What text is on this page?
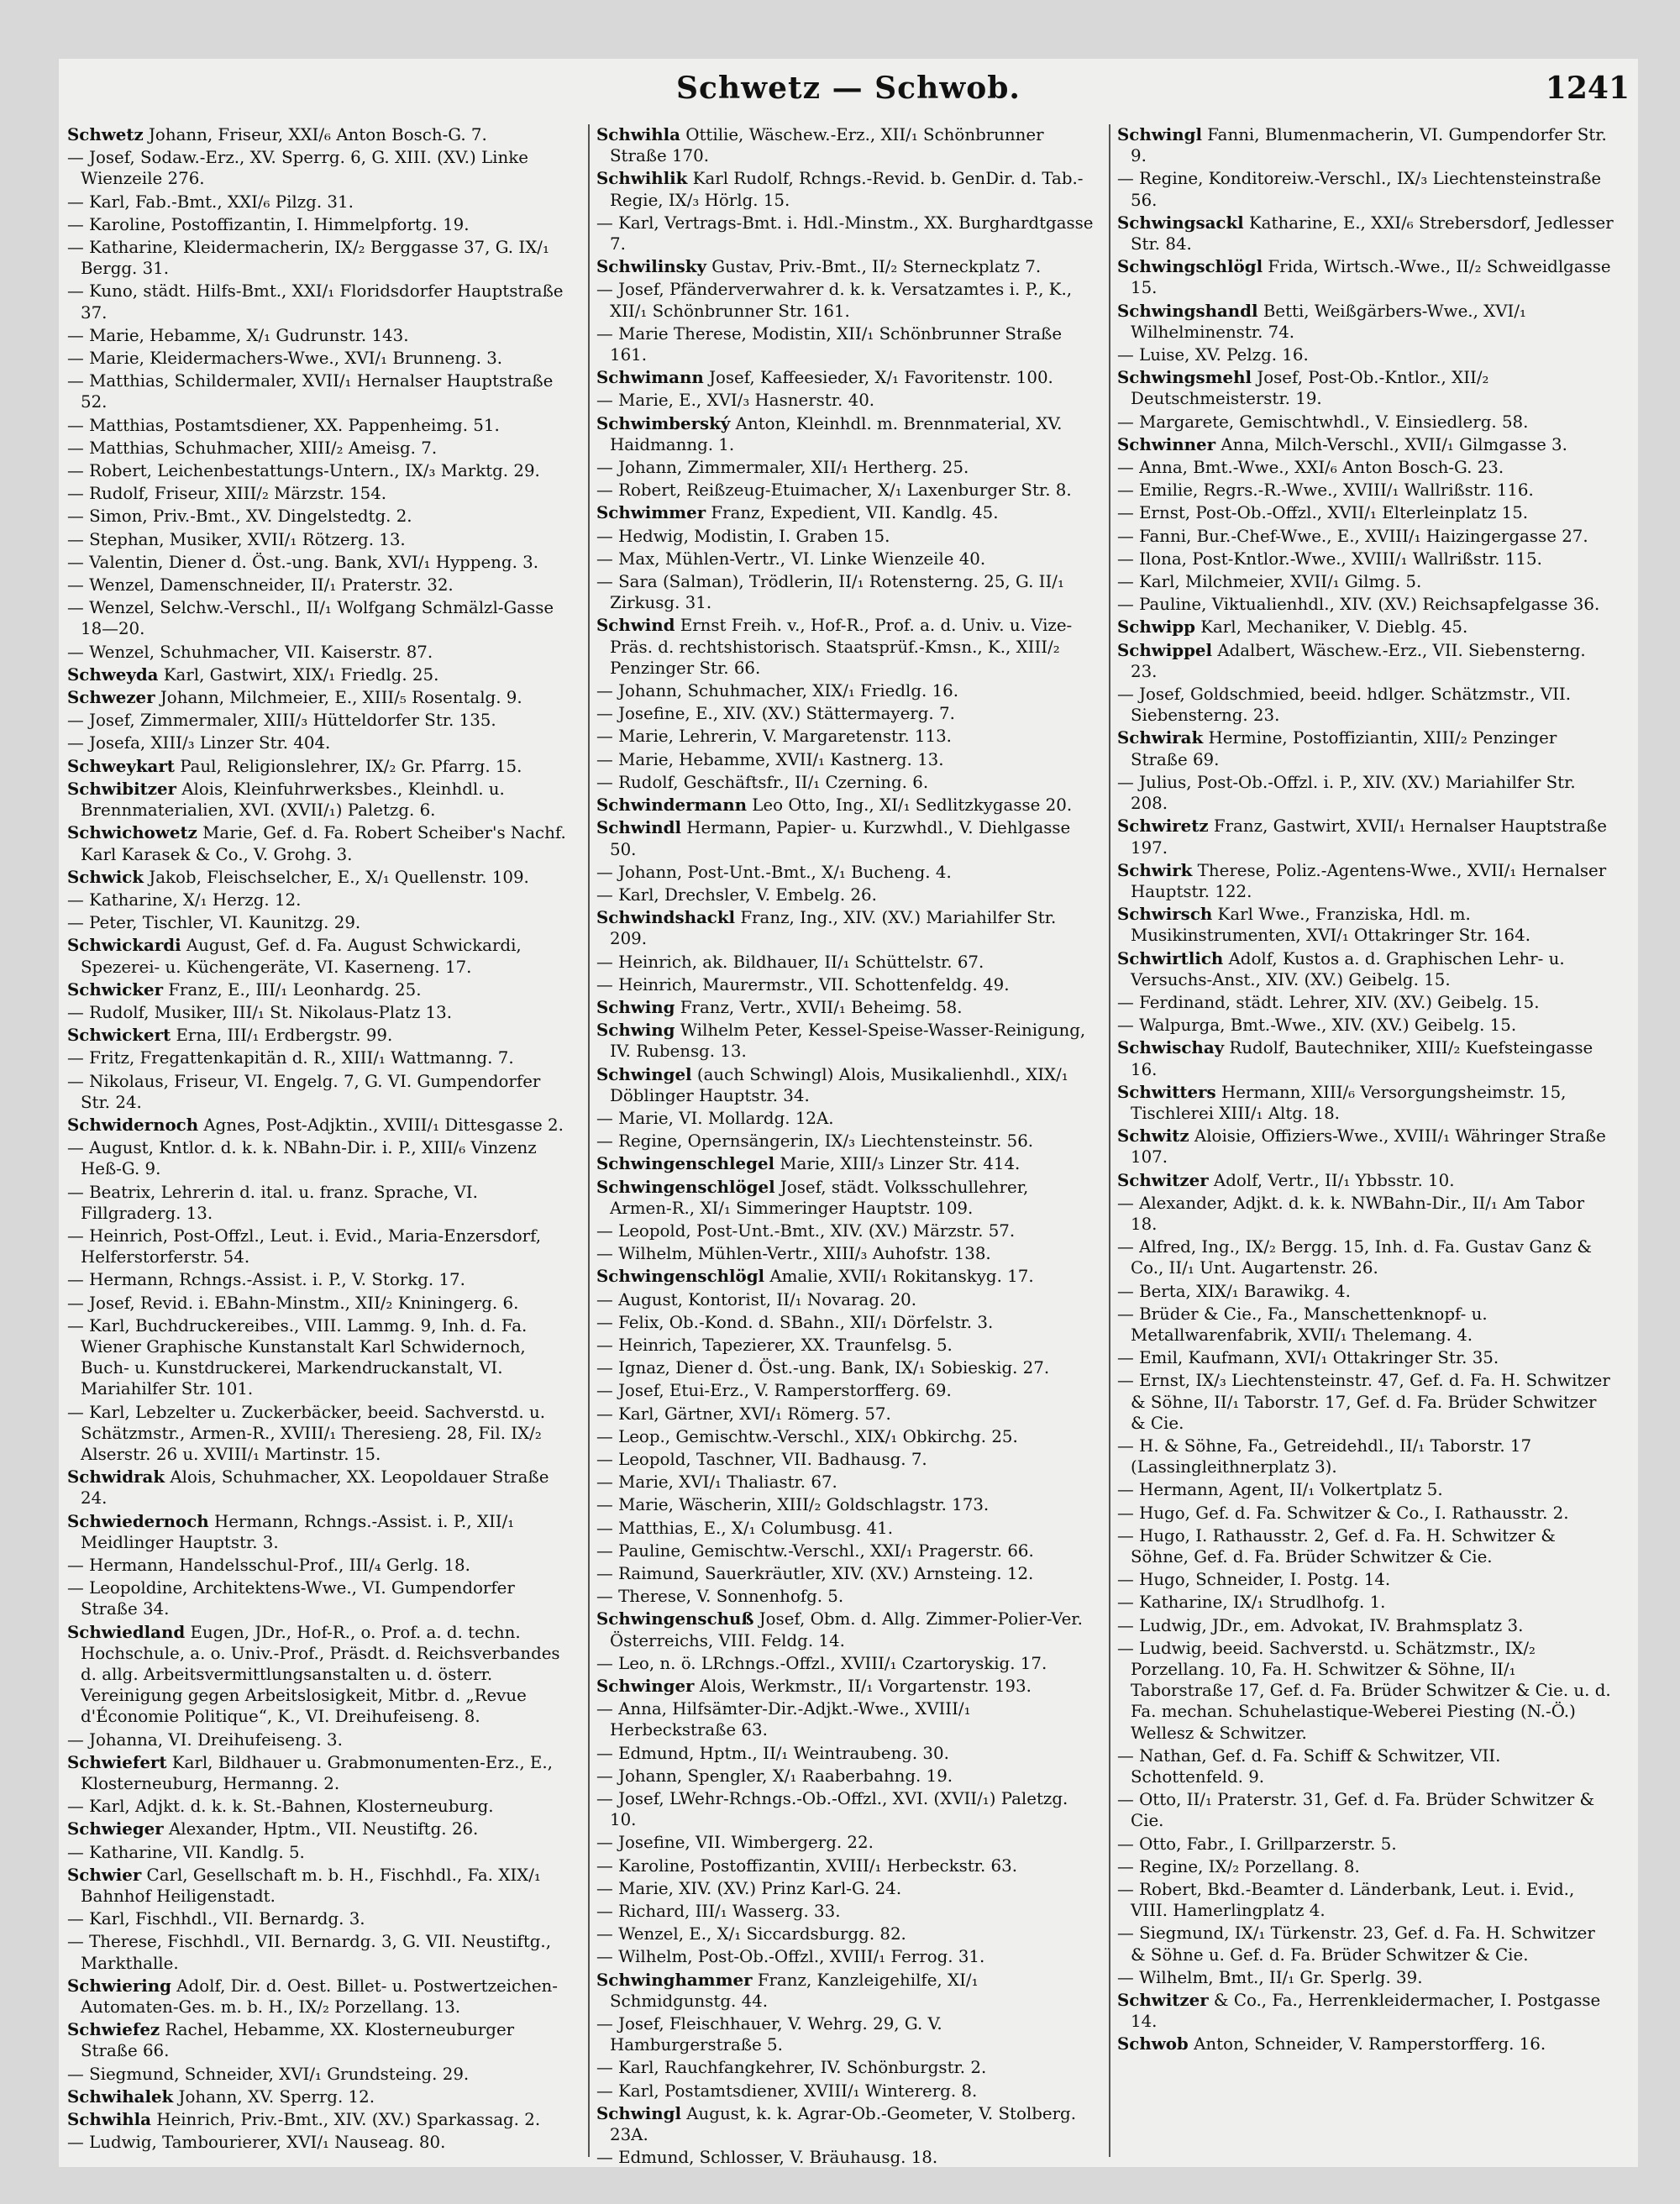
Schwetz — Schwob.	1241
Schwetz Johann, Friseur, XXI/₆ Anton Bosch-G. 7.
— Josef, Sodaw.-Erz., XV. Sperrg. 6, G. XIII. (XV.) Linke Wienzeile 276.
— Karl, Fab.-Bmt., XXI/₆ Pilzg. 31.
— Karoline, Postoffizantin, I. Himmelpfortg. 19.
— Katharine, Kleidermacherin, IX/₂ Berggasse 37, G. IX/₁ Bergg. 31.
— Kuno, städt. Hilfs-Bmt., XXI/₁ Floridsdorfer Hauptstraße 37.
— Marie, Hebamme, X/₁ Gudrunstr. 143.
— Marie, Kleidermachers-Wwe., XVI/₁ Brunneng. 3.
— Matthias, Schildermaler, XVII/₁ Hernalser Hauptstraße 52.
— Matthias, Postamtsdiener, XX. Pappenheimg. 51.
— Matthias, Schuhmacher, XIII/₂ Ameisg. 7.
— Robert, Leichenbestattungs-Untern., IX/₃ Marktg. 29.
— Rudolf, Friseur, XIII/₂ Märzstr. 154.
— Simon, Priv.-Bmt., XV. Dingelstedtg. 2.
— Stephan, Musiker, XVII/₁ Rötzerg. 13.
— Valentin, Diener d. Öst.-ung. Bank, XVI/₁ Hyppeng. 3.
— Wenzel, Damenschneider, II/₁ Praterstr. 32.
— Wenzel, Selchw.-Verschl., II/₁ Wolfgang Schmälzl-Gasse 18—20.
— Wenzel, Schuhmacher, VII. Kaiserstr. 87.
Schweyda Karl, Gastwirt, XIX/₁ Friedlg. 25.
Schwezer Johann, Milchmeier, E., XIII/₅ Rosentalg. 9.
— Josef, Zimmermaler, XIII/₃ Hütteldorfer Str. 135.
— Josefa, XIII/₃ Linzer Str. 404.
Schweykart Paul, Religionslehrer, IX/₂ Gr. Pfarrg. 15.
Schwibitzer Alois, Kleinfuhrwerksbes., Kleinhdl. u. Brennmaterialien, XVI. (XVII/₁) Paletzg. 6.
Schwichowetz Marie, Gef. d. Fa. Robert Scheiber's Nachf. Karl Karasek & Co., V. Grohg. 3.
Schwick Jakob, Fleischselcher, E., X/₁ Quellenstr. 109.
— Katharine, X/₁ Herzg. 12.
— Peter, Tischler, VI. Kaunitzg. 29.
Schwickardi August, Gef. d. Fa. August Schwickardi, Spezerei- u. Küchengeräte, VI. Kaserneng. 17.
Schwicker Franz, E., III/₁ Leonhardg. 25.
— Rudolf, Musiker, III/₁ St. Nikolaus-Platz 13.
Schwickert Erna, III/₁ Erdbergstr. 99.
— Fritz, Fregattenkapitän d. R., XIII/₁ Wattmanng. 7.
— Nikolaus, Friseur, VI. Engelg. 7, G. VI. Gumpendorfer Str. 24.
Schwidernoch Agnes, Post-Adjktin., XVIII/₁ Dittesgasse 2.
— August, Kntlor. d. k. k. NBahn-Dir. i. P., XIII/₆ Vinzenz Heß-G. 9.
— Beatrix, Lehrerin d. ital. u. franz. Sprache, VI. Fillgraderg. 13.
— Heinrich, Post-Offzl., Leut. i. Evid., Maria-Enzersdorf, Helferstorferstr. 54.
— Hermann, Rchngs.-Assist. i. P., V. Storkg. 17.
— Josef, Revid. i. EBahn-Minstm., XII/₂ Kniningerg. 6.
— Karl, Buchdruckereibes., VIII. Lammg. 9, Inh. d. Fa. Wiener Graphische Kunstanstalt Karl Schwidernoch, Buch- u. Kunstdruckerei, Markendruckanstalt, VI. Mariahilfer Str. 101.
— Karl, Lebzelter u. Zuckerbäcker, beeid. Sachverstd. u. Schätzmstr., Armen-R., XVIII/₁ Theresieng. 28, Fil. IX/₂ Alserstr. 26 u. XVIII/₁ Martinstr. 15.
Schwidrak Alois, Schuhmacher, XX. Leopoldauer Straße 24.
Schwiedernoch Hermann, Rchngs.-Assist. i. P., XII/₁ Meidlinger Hauptstr. 3.
— Hermann, Handelsschul-Prof., III/₄ Gerlg. 18.
— Leopoldine, Architektens-Wwe., VI. Gumpendorfer Straße 34.
Schwiedland Eugen, JDr., Hof-R., o. Prof. a. d. techn. Hochschule, a. o. Univ.-Prof., Präsdt. d. Reichsverbandes d. allg. Arbeitsvermittlungsanstalten u. d. österr. Vereinigung gegen Arbeitslosigkeit, Mitbr. d. „Revue d'Économie Politique“, K., VI. Dreihufeiseng. 8.
— Johanna, VI. Dreihufeiseng. 3.
Schwiefert Karl, Bildhauer u. Grabmonumenten-Erz., E., Klosterneuburg, Hermanng. 2.
— Karl, Adjkt. d. k. k. St.-Bahnen, Klosterneuburg.
Schwieger Alexander, Hptm., VII. Neustiftg. 26.
— Katharine, VII. Kandlg. 5.
Schwier Carl, Gesellschaft m. b. H., Fischhdl., Fa. XIX/₁ Bahnhof Heiligenstadt.
— Karl, Fischhdl., VII. Bernardg. 3.
— Therese, Fischhdl., VII. Bernardg. 3, G. VII. Neustiftg., Markthalle.
Schwiering Adolf, Dir. d. Oest. Billet- u. Postwertzeichen-Automaten-Ges. m. b. H., IX/₂ Porzellang. 13.
Schwiefez Rachel, Hebamme, XX. Klosterneuburger Straße 66.
— Siegmund, Schneider, XVI/₁ Grundsteing. 29.
Schwihalek Johann, XV. Sperrg. 12.
Schwihla Heinrich, Priv.-Bmt., XIV. (XV.) Sparkassag. 2.
— Ludwig, Tambourierer, XVI/₁ Nauseag. 80.
Schwihla Ottilie, Wäschew.-Erz., XII/₁ Schönbrunner Straße 170.
Schwihlik Karl Rudolf, Rchngs.-Revid. b. GenDir. d. Tab.-Regie, IX/₃ Hörlg. 15.
— Karl, Vertrags-Bmt. i. Hdl.-Minstm., XX. Burghardtgasse 7.
Schwilinsky Gustav, Priv.-Bmt., II/₂ Sterneckplatz 7.
— Josef, Pfänderverwahrer d. k. k. Versatzamtes i. P., K., XII/₁ Schönbrunner Str. 161.
— Marie Therese, Modistin, XII/₁ Schönbrunner Straße 161.
Schwimann Josef, Kaffeesieder, X/₁ Favoritenstr. 100.
— Marie, E., XVI/₃ Hasnerstr. 40.
Schwimberský Anton, Kleinhdl. m. Brennmaterial, XV. Haidmanng. 1.
— Johann, Zimmermaler, XII/₁ Hertherg. 25.
— Robert, Reißzeug-Etuimacher, X/₁ Laxenburger Str. 8.
Schwimmer Franz, Expedient, VII. Kandlg. 45.
— Hedwig, Modistin, I. Graben 15.
— Max, Mühlen-Vertr., VI. Linke Wienzeile 40.
— Sara (Salman), Trödlerin, II/₁ Rotensterng. 25, G. II/₁ Zirkusg. 31.
Schwind Ernst Freih. v., Hof-R., Prof. a. d. Univ. u. Vize-Präs. d. rechtshistorisch. Staatsprüf.-Kmsn., K., XIII/₂ Penzinger Str. 66.
— Johann, Schuhmacher, XIX/₁ Friedlg. 16.
— Josefine, E., XIV. (XV.) Stättermayerg. 7.
— Marie, Lehrerin, V. Margaretenstr. 113.
— Marie, Hebamme, XVII/₁ Kastnerg. 13.
— Rudolf, Geschäftsfr., II/₁ Czerning. 6.
Schwindermann Leo Otto, Ing., XI/₁ Sedlitzkygasse 20.
Schwindl Hermann, Papier- u. Kurzwhdl., V. Diehlgasse 50.
— Johann, Post-Unt.-Bmt., X/₁ Bucheng. 4.
— Karl, Drechsler, V. Embelg. 26.
Schwindshackl Franz, Ing., XIV. (XV.) Mariahilfer Str. 209.
— Heinrich, ak. Bildhauer, II/₁ Schüttelstr. 67.
— Heinrich, Maurermstr., VII. Schottenfeldg. 49.
Schwing Franz, Vertr., XVII/₁ Beheimg. 58.
Schwing Wilhelm Peter, Kessel-Speise-Wasser-Reinigung, IV. Rubensg. 13.
Schwingel (auch Schwingl) Alois, Musikalienhdl., XIX/₁ Döblinger Hauptstr. 34.
— Marie, VI. Mollardg. 12A.
— Regine, Opernsängerin, IX/₃ Liechtensteinstr. 56.
Schwingenschlegel Marie, XIII/₃ Linzer Str. 414.
Schwingenschlögel Josef, städt. Volksschullehrer, Armen-R., XI/₁ Simmeringer Hauptstr. 109.
— Leopold, Post-Unt.-Bmt., XIV. (XV.) Märzstr. 57.
— Wilhelm, Mühlen-Vertr., XIII/₃ Auhofstr. 138.
Schwingenschlögl Amalie, XVII/₁ Rokitanskyg. 17.
— August, Kontorist, II/₁ Novarag. 20.
— Felix, Ob.-Kond. d. SBahn., XII/₁ Dörfelstr. 3.
— Heinrich, Tapezierer, XX. Traunfelsg. 5.
— Ignaz, Diener d. Öst.-ung. Bank, IX/₁ Sobieskig. 27.
— Josef, Etui-Erz., V. Ramperstorfferg. 69.
— Karl, Gärtner, XVI/₁ Römerg. 57.
— Leop., Gemischtw.-Verschl., XIX/₁ Obkirchg. 25.
— Leopold, Taschner, VII. Badhausg. 7.
— Marie, XVI/₁ Thaliastr. 67.
— Marie, Wäscherin, XIII/₂ Goldschlagstr. 173.
— Matthias, E., X/₁ Columbusg. 41.
— Pauline, Gemischtw.-Verschl., XXI/₁ Pragerstr. 66.
— Raimund, Sauerkräutler, XIV. (XV.) Arnsteing. 12.
— Therese, V. Sonnenhofg. 5.
Schwingenschuß Josef, Obm. d. Allg. Zimmer-Polier-Ver. Österreichs, VIII. Feldg. 14.
— Leo, n. ö. LRchngs.-Offzl., XVIII/₁ Czartoryskig. 17.
Schwinger Alois, Werkmstr., II/₁ Vorgartenstr. 193.
— Anna, Hilfsämter-Dir.-Adjkt.-Wwe., XVIII/₁ Herbeckstraße 63.
— Edmund, Hptm., II/₁ Weintraubeng. 30.
— Johann, Spengler, X/₁ Raaberbahng. 19.
— Josef, LWehr-Rchngs.-Ob.-Offzl., XVI. (XVII/₁) Paletzg. 10.
— Josefine, VII. Wimbergerg. 22.
— Karoline, Postoffizantin, XVIII/₁ Herbeckstr. 63.
— Marie, XIV. (XV.) Prinz Karl-G. 24.
— Richard, III/₁ Wasserg. 33.
— Wenzel, E., X/₁ Siccardsburgg. 82.
— Wilhelm, Post-Ob.-Offzl., XVIII/₁ Ferrog. 31.
Schwinghammer Franz, Kanzleigehilfe, XI/₁ Schmidgunstg. 44.
— Josef, Fleischhauer, V. Wehrg. 29, G. V. Hamburgerstraße 5.
— Karl, Rauchfangkehrer, IV. Schönburgstr. 2.
— Karl, Postamtsdiener, XVIII/₁ Wintererg. 8.
Schwingl August, k. k. Agrar-Ob.-Geometer, V. Stolberg. 23A.
— Edmund, Schlosser, V. Bräuhausg. 18.
Schwingl Fanni, Blumenmacherin, VI. Gumpendorfer Str. 9.
— Regine, Konditoreiw.-Verschl., IX/₃ Liechtensteinstraße 56.
Schwingsackl Katharine, E., XXI/₆ Strebersdorf, Jedlesser Str. 84.
Schwingschlögl Frida, Wirtsch.-Wwe., II/₂ Schweidlgasse 15.
Schwingshandl Betti, Weißgärbers-Wwe., XVI/₁ Wilhelminenstr. 74.
— Luise, XV. Pelzg. 16.
Schwingsmehl Josef, Post-Ob.-Kntlor., XII/₂ Deutschmeisterstr. 19.
— Margarete, Gemischtwhdl., V. Einsiedlerg. 58.
Schwinner Anna, Milch-Verschl., XVII/₁ Gilmgasse 3.
— Anna, Bmt.-Wwe., XXI/₆ Anton Bosch-G. 23.
— Emilie, Regrs.-R.-Wwe., XVIII/₁ Wallrißstr. 116.
— Ernst, Post-Ob.-Offzl., XVII/₁ Elterleinplatz 15.
— Fanni, Bur.-Chef-Wwe., E., XVIII/₁ Haizingergasse 27.
— Ilona, Post-Kntlor.-Wwe., XVIII/₁ Wallrißstr. 115.
— Karl, Milchmeier, XVII/₁ Gilmg. 5.
— Pauline, Viktualienhdl., XIV. (XV.) Reichsapfelgasse 36.
Schwipp Karl, Mechaniker, V. Dieblg. 45.
Schwippel Adalbert, Wäschew.-Erz., VII. Siebensterng. 23.
— Josef, Goldschmied, beeid. hdlger. Schätzmstr., VII. Siebensterng. 23.
Schwirak Hermine, Postoffiziantin, XIII/₂ Penzinger Straße 69.
— Julius, Post-Ob.-Offzl. i. P., XIV. (XV.) Mariahilfer Str. 208.
Schwiretz Franz, Gastwirt, XVII/₁ Hernalser Hauptstraße 197.
Schwirk Therese, Poliz.-Agentens-Wwe., XVII/₁ Hernalser Hauptstr. 122.
Schwirsch Karl Wwe., Franziska, Hdl. m. Musikinstrumenten, XVI/₁ Ottakringer Str. 164.
Schwirtlich Adolf, Kustos a. d. Graphischen Lehr- u. Versuchs-Anst., XIV. (XV.) Geibelg. 15.
— Ferdinand, städt. Lehrer, XIV. (XV.) Geibelg. 15.
— Walpurga, Bmt.-Wwe., XIV. (XV.) Geibelg. 15.
Schwischay Rudolf, Bautechniker, XIII/₂ Kuefsteingasse 16.
Schwitters Hermann, XIII/₆ Versorgungsheimstr. 15, Tischlerei XIII/₁ Altg. 18.
Schwitz Aloisie, Offiziers-Wwe., XVIII/₁ Währinger Straße 107.
Schwitzer Adolf, Vertr., II/₁ Ybbsstr. 10.
— Alexander, Adjkt. d. k. k. NWBahn-Dir., II/₁ Am Tabor 18.
— Alfred, Ing., IX/₂ Bergg. 15, Inh. d. Fa. Gustav Ganz & Co., II/₁ Unt. Augartenstr. 26.
— Berta, XIX/₁ Barawikg. 4.
— Brüder & Cie., Fa., Manschettenknopf- u. Metallwarenfabrik, XVII/₁ Thelemang. 4.
— Emil, Kaufmann, XVI/₁ Ottakringer Str. 35.
— Ernst, IX/₃ Liechtensteinstr. 47, Gef. d. Fa. H. Schwitzer & Söhne, II/₁ Taborstr. 17, Gef. d. Fa. Brüder Schwitzer & Cie.
— H. & Söhne, Fa., Getreidehdl., II/₁ Taborstr. 17 (Lassingleithnerplatz 3).
— Hermann, Agent, II/₁ Volkertplatz 5.
— Hugo, Gef. d. Fa. Schwitzer & Co., I. Rathausstr. 2.
— Hugo, I. Rathausstr. 2, Gef. d. Fa. H. Schwitzer & Söhne, Gef. d. Fa. Brüder Schwitzer & Cie.
— Hugo, Schneider, I. Postg. 14.
— Katharine, IX/₁ Strudlhofg. 1.
— Ludwig, JDr., em. Advokat, IV. Brahmsplatz 3.
— Ludwig, beeid. Sachverstd. u. Schätzmstr., IX/₂ Porzellang. 10, Fa. H. Schwitzer & Söhne, II/₁ Taborstraße 17, Gef. d. Fa. Brüder Schwitzer & Cie. u. d. Fa. mechan. Schuhelastique-Weberei Piesting (N.-Ö.) Wellesz & Schwitzer.
— Nathan, Gef. d. Fa. Schiff & Schwitzer, VII. Schottenfeld. 9.
— Otto, II/₁ Praterstr. 31, Gef. d. Fa. Brüder Schwitzer & Cie.
— Otto, Fabr., I. Grillparzerstr. 5.
— Regine, IX/₂ Porzellang. 8.
— Robert, Bkd.-Beamter d. Länderbank, Leut. i. Evid., VIII. Hamerlingplatz 4.
— Siegmund, IX/₁ Türkenstr. 23, Gef. d. Fa. H. Schwitzer & Söhne u. Gef. d. Fa. Brüder Schwitzer & Cie.
— Wilhelm, Bmt., II/₁ Gr. Sperlg. 39.
Schwitzer & Co., Fa., Herrenkleidermacher, I. Postgasse 14.
Schwob Anton, Schneider, V. Ramperstorfferg. 16.
